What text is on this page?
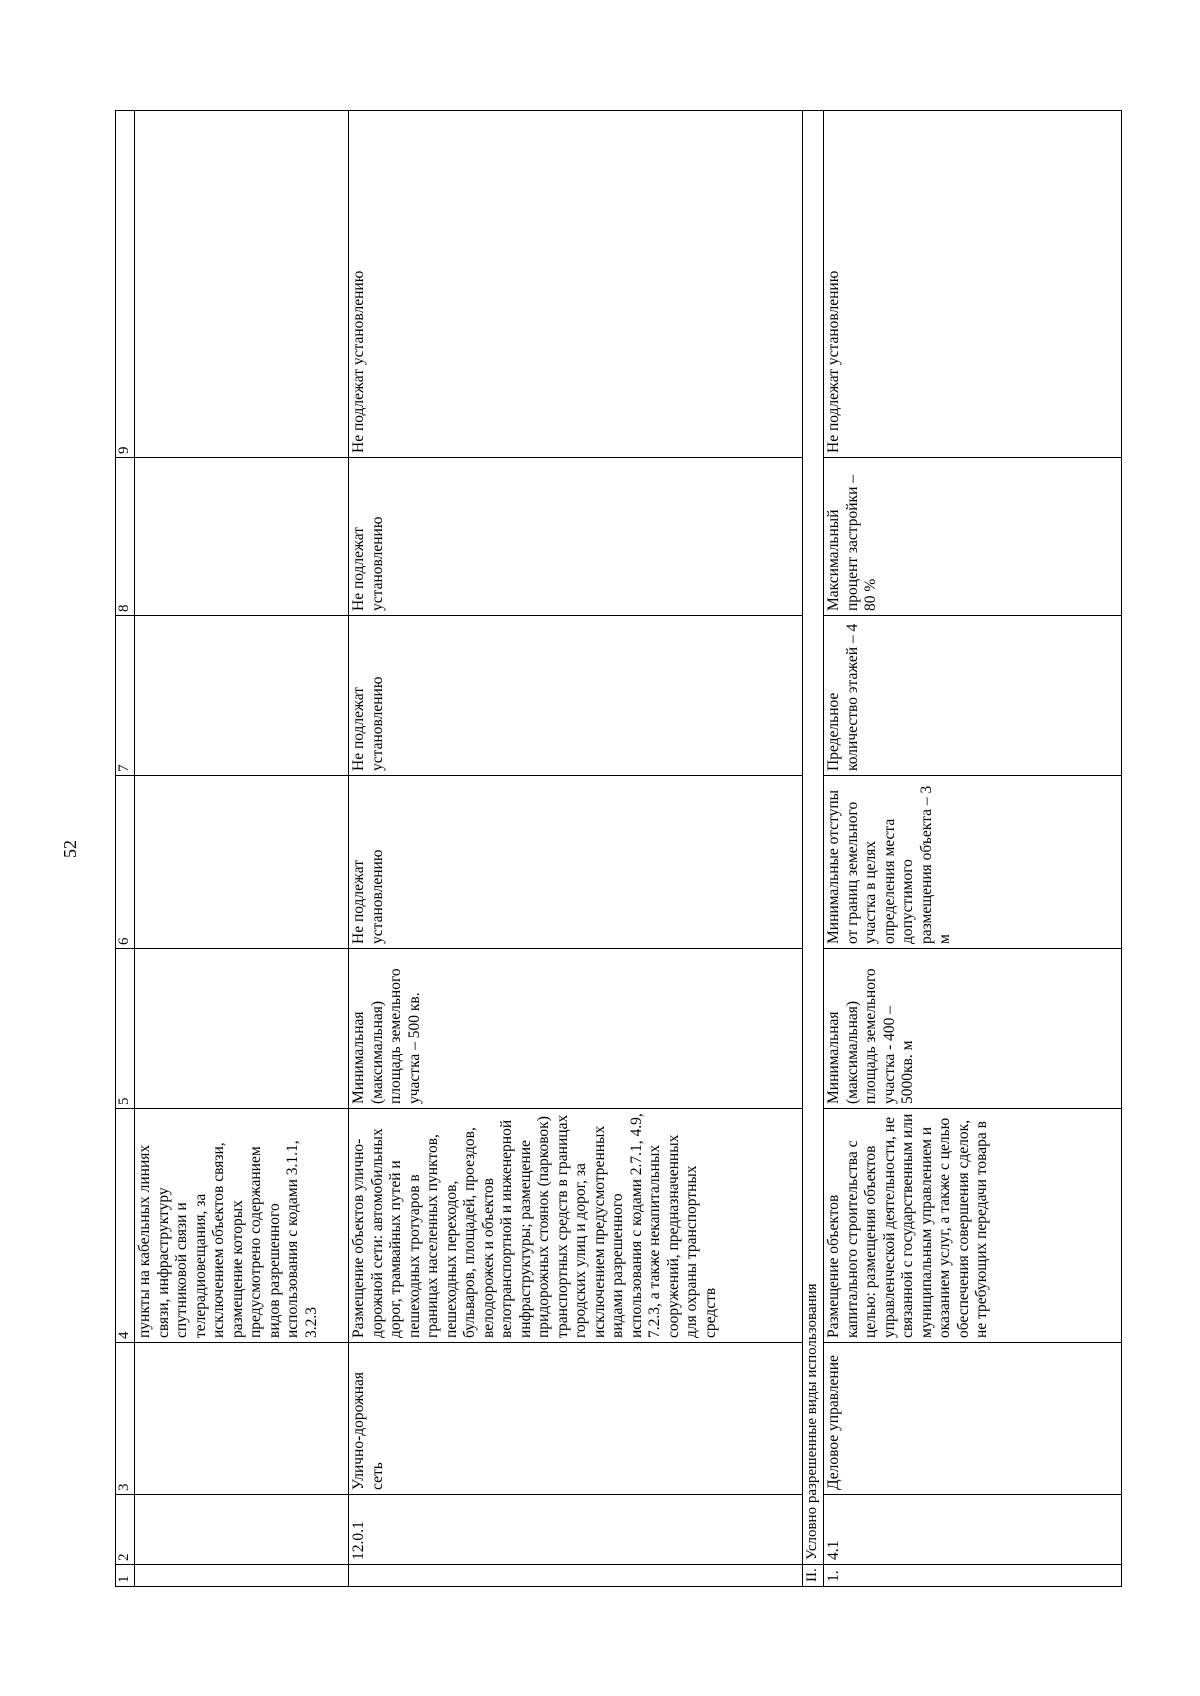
52
1	2	3	4	5	6	7	8	9
			пункты на кабельных линиях связи, инфраструктуру спутниковой связи и телерадиовещания, за исключением объектов связи, размещение которых предусмотрено содержанием видов разрешенного использования с кодами 3.1.1, 3.2.3					
	12.0.1	Улично-дорожная сеть	Размещение объектов улично-дорожной сети: автомобильных дорог, трамвайных путей и пешеходных тротуаров в границах населенных пунктов, пешеходных переходов, бульваров, площадей, проездов, велодорожек и объектов велотранспортной и инженерной инфраструктуры; размещение придорожных стоянок (парковок) транспортных средств в границах городских улиц и дорог, за исключением предусмотренных видами разрешенного использования с кодами 2.7.1, 4.9, 7.2.3, а также некапитальных сооружений, предназначенных для охраны транспортных средств	Минимальная (максимальная) площадь земельного участка – 500 кв.	Не подлежат установлению	Не подлежат установлению	Не подлежат установлению	Не подлежат установлению
II.	Условно разрешенные виды использования							
1.	4.1	Деловое управление	Размещение объектов капитального строительства с целью: размещения объектов управленческой деятельности, не связанной с государственным или муниципальным управлением и оказанием услуг, а также с целью обеспечения совершения сделок, не требующих передачи товара в	Минимальная (максимальная) площадь земельного участка - 400 – 5000кв. м	Минимальные отступы от границ земельного участка в целях определения места допустимого размещения объекта – 3 м	Предельное количество этажей – 4	Максимальный процент застройки –80 %	Не подлежат установлению
